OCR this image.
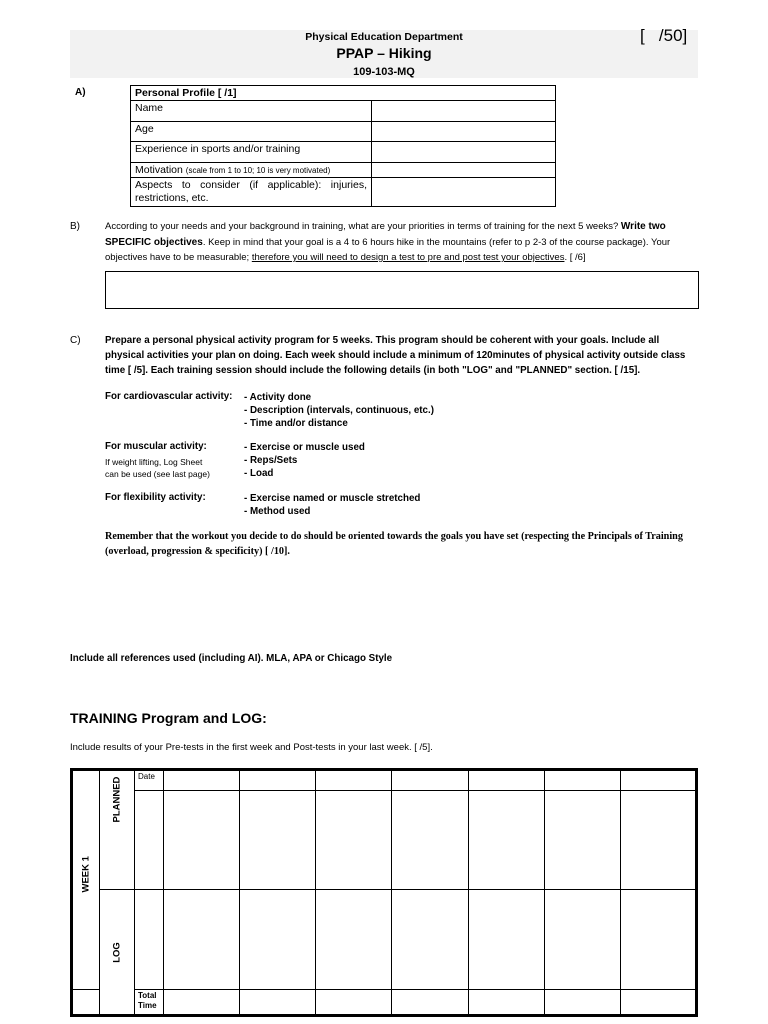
Physical Education Department
PPAP – Hiking
109-103-MQ
[   /50]
A)	Personal Profile [ /1]	
Name	
Age	
Experience in sports and/or training	
Motivation (scale from 1 to 10; 10 is very motivated)	
Aspects to consider (if applicable): injuries, restrictions, etc.	
B)	According to your needs and your background in training, what are your priorities in terms of training for the next 5 weeks? Write two SPECIFIC objectives. Keep in mind that your goal is a 4 to 6 hours hike in the mountains (refer to p 2-3 of the course package). Your objectives have to be measurable; therefore you will need to design a test to pre and post test your objectives. [ /6]
C) Prepare a personal physical activity program for 5 weeks. This program should be coherent with your goals. Include all physical activities your plan on doing. Each week should include a minimum of 120minutes of physical activity outside class time [ /5]. Each training session should include the following details (in both "LOG" and "PLANNED" section. [ /15].
For cardiovascular activity: - Activity done
- Description (intervals, continuous, etc.)
- Time and/or distance
For muscular activity:
If weight lifting, Log Sheet
can be used (see last page)
- Exercise or muscle used
- Reps/Sets
- Load
For flexibility activity:	- Exercise named or muscle stretched
- Method used
Remember that the workout you decide to do should be oriented towards the goals you have set (respecting the Principals of Training (overload, progression & specificity) [ /10].
Include all references used (including AI). MLA, APA or Chicago Style
TRAINING Program and LOG:
Include results of your Pre-tests in the first week and Post-tests in your last week. [ /5].
WEEK 1		Date							

	PLANNED								

	LOG								

		Total
Time							
